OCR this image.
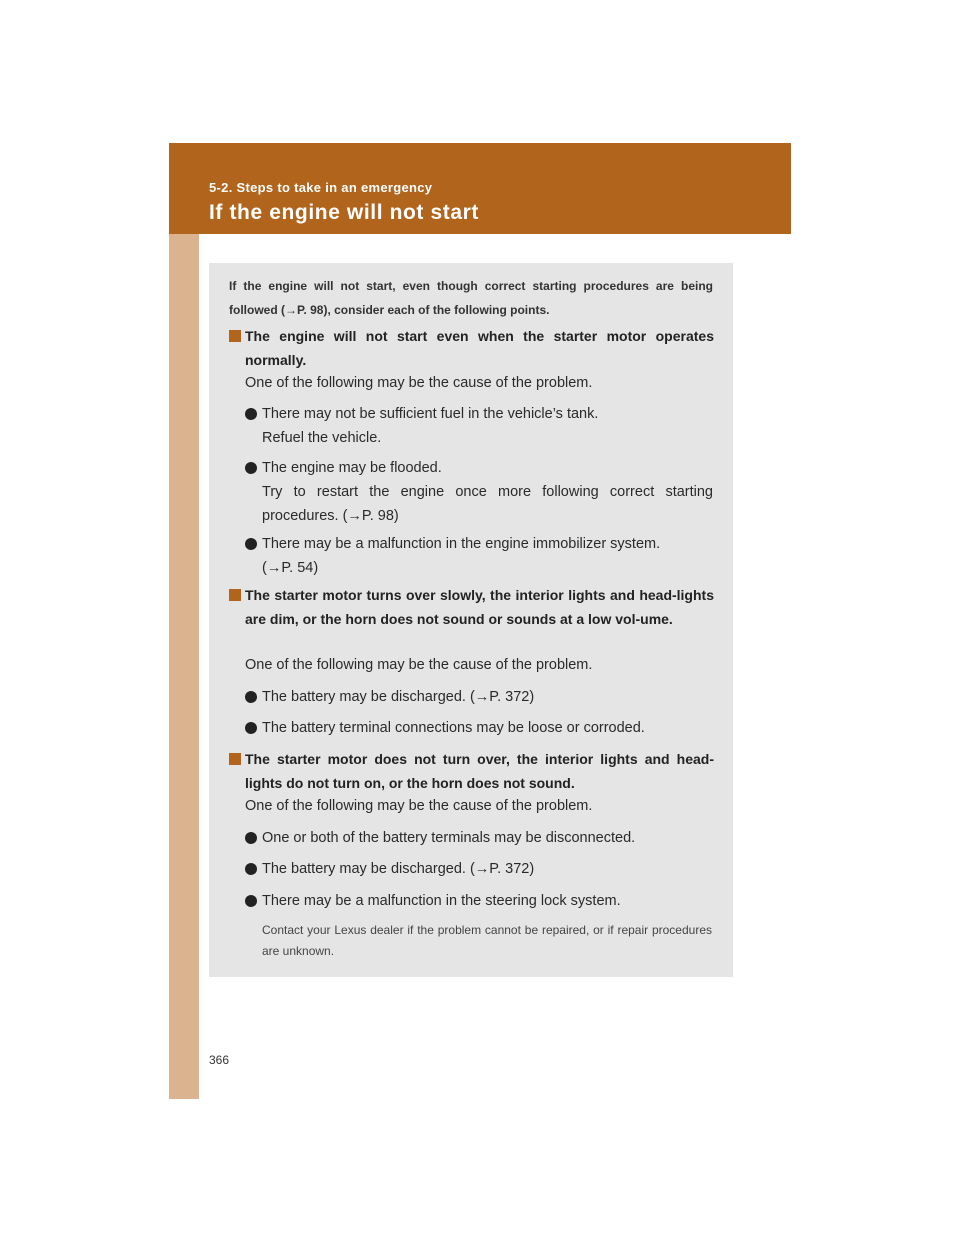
5-2. Steps to take in an emergency
If the engine will not start

If the engine will not start, even though correct starting procedures are being followed (→P. 98), consider each of the following points.

The engine will not start even when the starter motor operates normally.
One of the following may be the cause of the problem.
There may not be sufficient fuel in the vehicle’s tank.
Refuel the vehicle.
The engine may be flooded.
Try to restart the engine once more following correct starting procedures. (→P. 98)
There may be a malfunction in the engine immobilizer system.
(→P. 54)
The starter motor turns over slowly, the interior lights and head-lights are dim, or the horn does not sound or sounds at a low vol-ume.
One of the following may be the cause of the problem.
The battery may be discharged. (→P. 372)
The battery terminal connections may be loose or corroded.
The starter motor does not turn over, the interior lights and head-lights do not turn on, or the horn does not sound.
One of the following may be the cause of the problem.
One or both of the battery terminals may be disconnected.
The battery may be discharged. (→P. 372)
There may be a malfunction in the steering lock system.
Contact your Lexus dealer if the problem cannot be repaired, or if repair procedures are unknown.
366
